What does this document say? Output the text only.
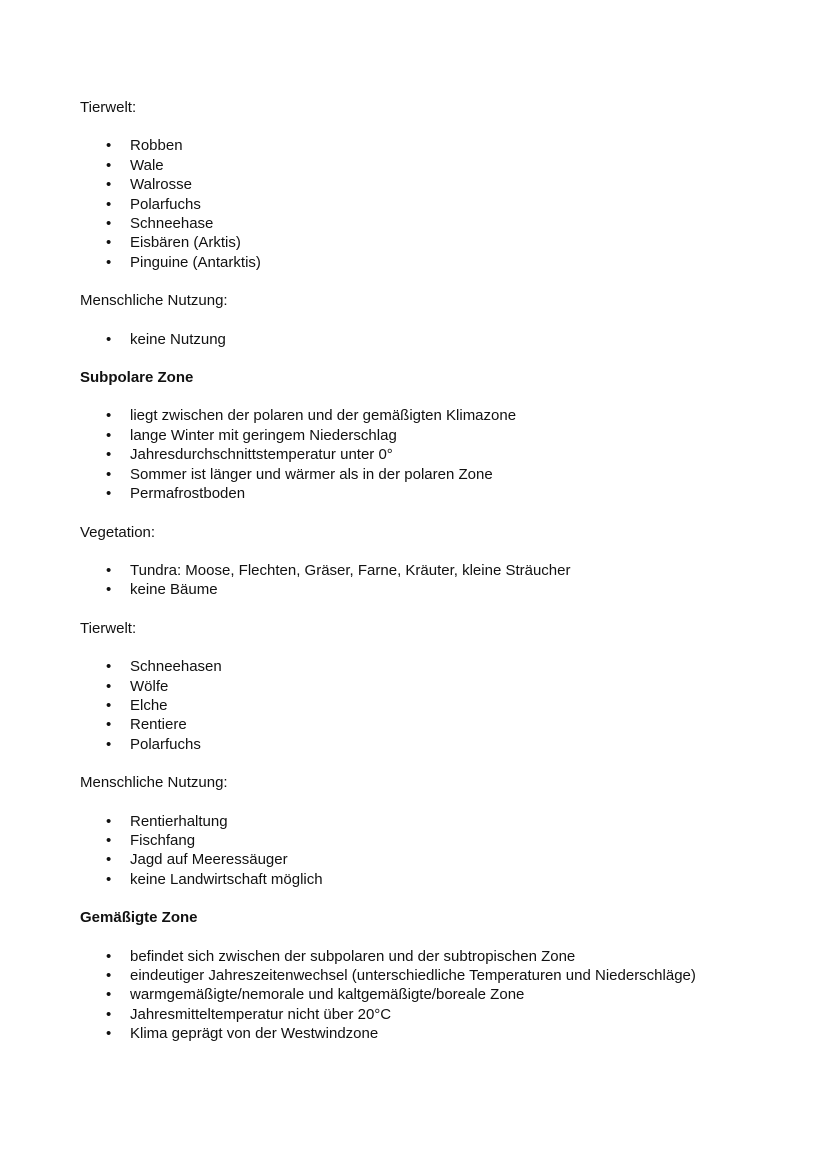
Tierwelt:

• Robben
• Wale
• Walrosse
• Polarfuchs
• Schneehase
• Eisbären (Arktis)
• Pinguine (Antarktis)

Menschliche Nutzung:

• keine Nutzung
Subpolare Zone
• liegt zwischen der polaren und der gemäßigten Klimazone
• lange Winter mit geringem Niederschlag
• Jahresdurchschnittstemperatur unter 0°
• Sommer ist länger und wärmer als in der polaren Zone
• Permafrostboden

Vegetation:

• Tundra: Moose, Flechten, Gräser, Farne, Kräuter, kleine Sträucher
• keine Bäume

Tierwelt:

• Schneehasen
• Wölfe
• Elche
• Rentiere
• Polarfuchs

Menschliche Nutzung:

• Rentierhaltung
• Fischfang
• Jagd auf Meeressäuger
• keine Landwirtschaft möglich
Gemäßigte Zone
• befindet sich zwischen der subpolaren und der subtropischen Zone
• eindeutiger Jahreszeitenwechsel (unterschiedliche Temperaturen und Niederschläge)
• warmgemäßigte/nemorale und kaltgemäßigte/boreale Zone
• Jahresmitteltemperatur nicht über 20°C
• Klima geprägt von der Westwindzone
